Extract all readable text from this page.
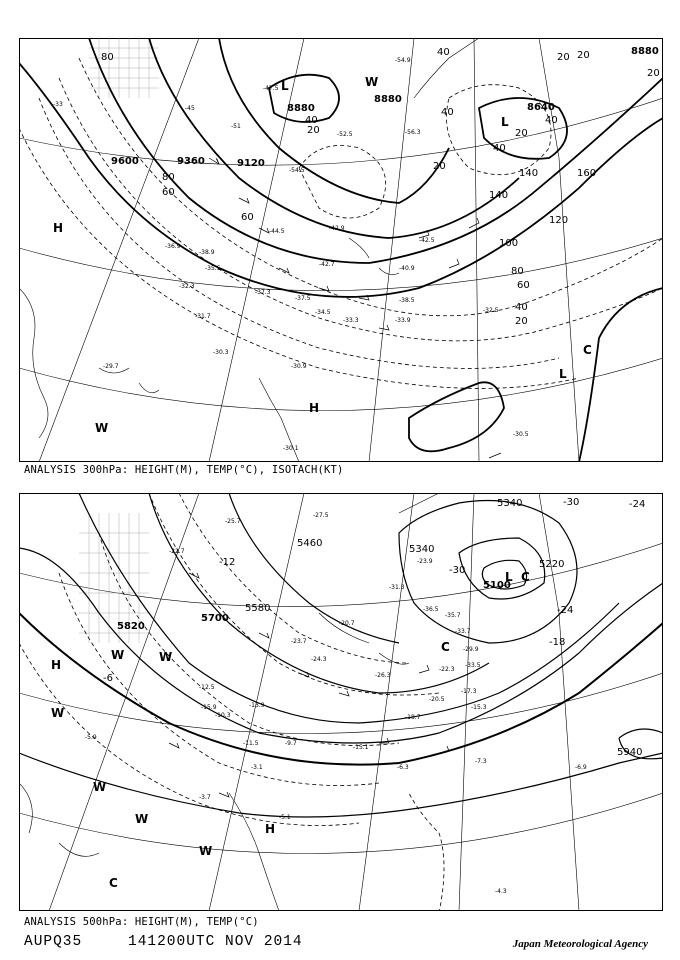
9600	9360	9120
8880
8640
8880
8880
80
60
40
20
40
40
40
20
60
80
100
120
140	160
140
20
20
40
20
60
80
20
40
20
-45
-51
-52.5
-54.5
-35.5
-38.9
-44.5
-42.7
-36.9
-32.3
-31.7
-30.3
-29.7	-30.9
-33
-32.5
-34.5
-37.5
-40.9
-33.9
-47.5
-42.5
-54.9
-56.3
-30.5
-33.3
-38.5
-37.3
-42.9
-30.1
H
L
L
W
W
H
L
C
ANALYSIS 300hPa: HEIGHT(M), TEMP(°C), ISOTACH(KT)
5820
5700
5580
5460
5340
5340
5220
5100
5940
-30
-24
-18
-12
-6
-30	-24
-25.7
-27.5
-22.7
-20.7
-26.3
-31.3
-33.5
-23.7
-24.3
-17.3
-15.9	-13.9
-12.5
-10.3
-11.5	-9.7
-5.9
-3.7
-3.1
-5.1
-6.3
-7.3
-6.9
-4.3
-15.1
-18.7
-22.3
-20.5
-15.3
-33.7
-29.9
-36.5
-35.7
-23.9
H
W
W
W
W
W
C
H
C
W
L C
ANALYSIS 500hPa: HEIGHT(M), TEMP(°C)
AUPQ35	141200UTC NOV 2014	Japan Meteorological Agency
